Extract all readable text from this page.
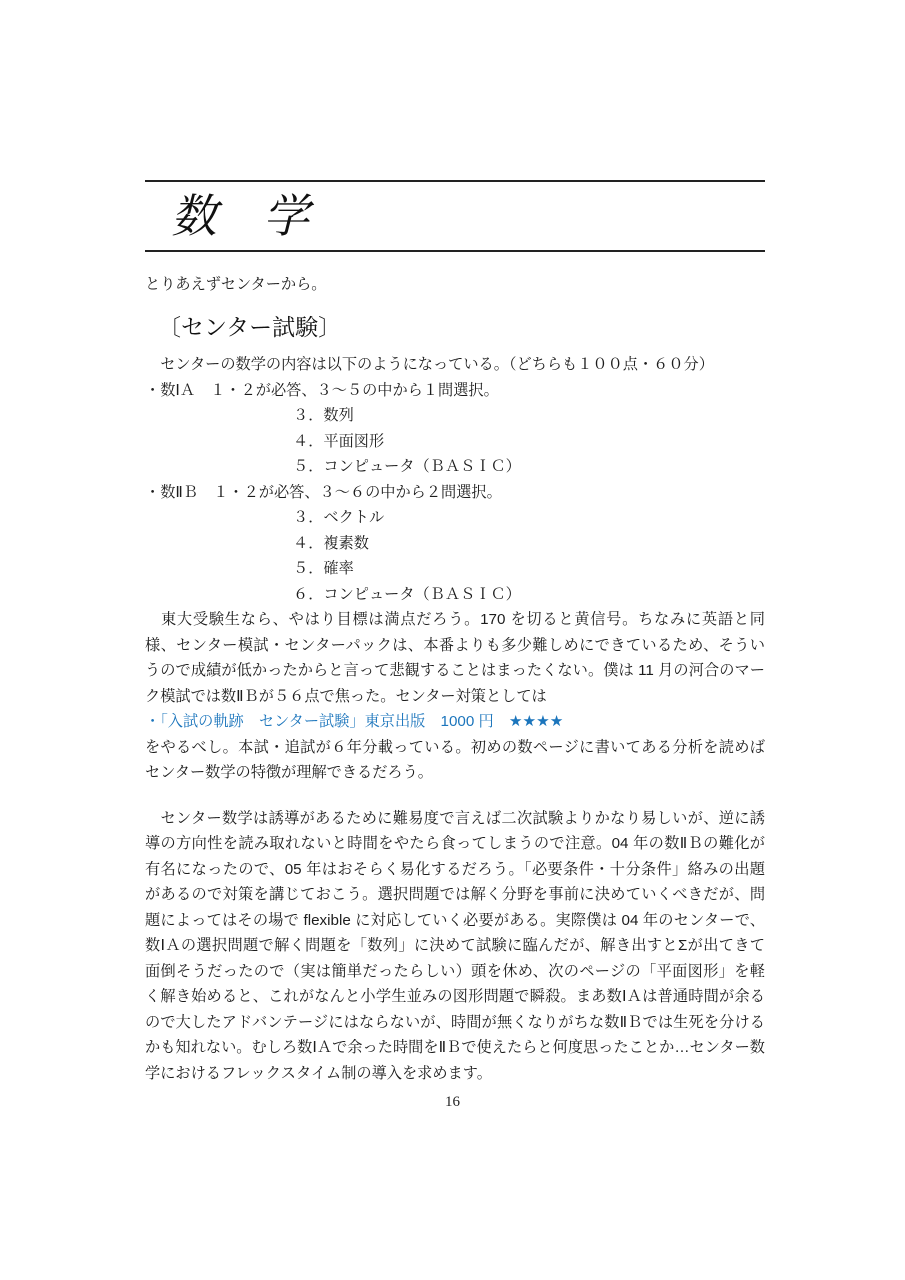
数　学

とりあえずセンターから。

〔センター試験〕

　センターの数学の内容は以下のようになっている。（どちらも１００点・６０分）

・数ⅠＡ　１・２が必答、３～５の中から１問選択。

３．数列

４．平面図形

５．コンピュータ（ＢＡＳＩＣ）

・数ⅡＢ　１・２が必答、３～６の中から２問選択。

３．ベクトル

４．複素数

５．確率

６．コンピュータ（ＢＡＳＩＣ）

　東大受験生なら、やはり目標は満点だろう。170 を切ると黄信号。ちなみに英語と同様、センター模試・センターパックは、本番よりも多少難しめにできているため、そういうので成績が低かったからと言って悲観することはまったくない。僕は 11 月の河合のマーク模試では数ⅡＢが５６点で焦った。センター対策としては

・「入試の軌跡　センター試験」東京出版　1000 円　★★★★

をやるべし。本試・追試が６年分載っている。初めの数ページに書いてある分析を読めばセンター数学の特徴が理解できるだろう。

　センター数学は誘導があるために難易度で言えば二次試験よりかなり易しいが、逆に誘導の方向性を読み取れないと時間をやたら食ってしまうので注意。04 年の数ⅡＢの難化が有名になったので、05 年はおそらく易化するだろう。「必要条件・十分条件」絡みの出題があるので対策を講じておこう。選択問題では解く分野を事前に決めていくべきだが、問題によってはその場で flexible に対応していく必要がある。実際僕は 04 年のセンターで、数ⅠＡの選択問題で解く問題を「数列」に決めて試験に臨んだが、解き出すとΣが出てきて面倒そうだったので（実は簡単だったらしい）頭を休め、次のページの「平面図形」を軽く解き始めると、これがなんと小学生並みの図形問題で瞬殺。まあ数ⅠＡは普通時間が余るので大したアドバンテージにはならないが、時間が無くなりがちな数ⅡＢでは生死を分けるかも知れない。むしろ数ⅠＡで余った時間をⅡＢで使えたらと何度思ったことか…センター数学におけるフレックスタイム制の導入を求めます。

16
